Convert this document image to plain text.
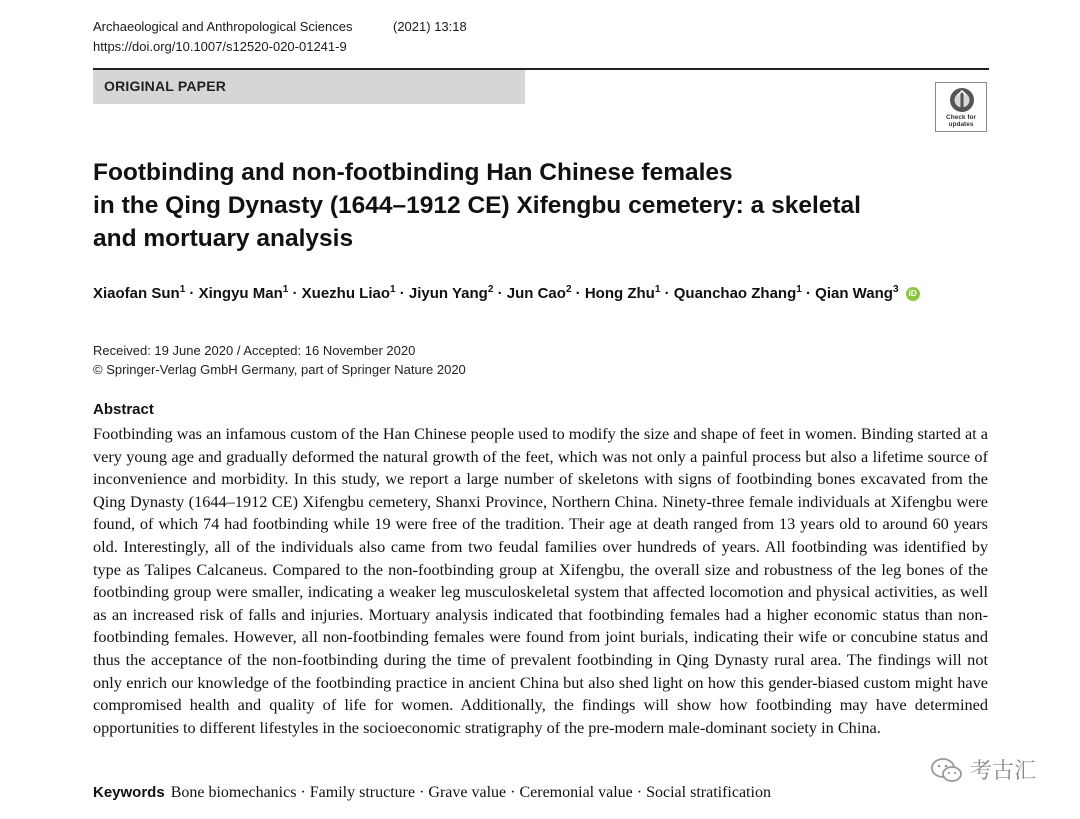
Archaeological and Anthropological Sciences	(2021) 13:18
https://doi.org/10.1007/s12520-020-01241-9
ORIGINAL PAPER
Check for updates
Footbinding and non-footbinding Han Chinese females
in the Qing Dynasty (1644–1912 CE) Xifengbu cemetery: a skeletal
and mortuary analysis
Xiaofan Sun$^1$ · Xingyu Man$^1$ · Xuezhu Liao$^1$ · Jiyun Yang$^2$ · Jun Cao$^2$ · Hong Zhu$^1$ · Quanchao Zhang$^1$ · Qian Wang$^3$ iD
Received: 19 June 2020 / Accepted: 16 November 2020
© Springer-Verlag GmbH Germany, part of Springer Nature 2020
Abstract
Footbinding was an infamous custom of the Han Chinese people used to modify the size and shape of feet in women. Binding started at a very young age and gradually deformed the natural growth of the feet, which was not only a painful process but also a lifetime source of inconvenience and morbidity. In this study, we report a large number of skeletons with signs of footbinding bones excavated from the Qing Dynasty (1644–1912 CE) Xifengbu cemetery, Shanxi Province, Northern China. Ninety-three female individuals at Xifengbu were found, of which 74 had footbinding while 19 were free of the tradition. Their age at death ranged from 13 years old to around 60 years old. Interestingly, all of the individuals also came from two feudal families over hundreds of years. All footbinding was identified by type as Talipes Calcaneus. Compared to the non-footbinding group at Xifengbu, the overall size and robustness of the leg bones of the footbinding group were smaller, indicating a weaker leg musculoskeletal system that affected locomotion and physical activities, as well as an increased risk of falls and injuries. Mortuary analysis indicated that footbinding females had a higher economic status than non-footbinding females. However, all non-footbinding females were found from joint burials, indicating their wife or concubine status and thus the acceptance of the non-footbinding during the time of prevalent footbinding in Qing Dynasty rural area. The findings will not only enrich our knowledge of the footbinding practice in ancient China but also shed light on how this gender-biased custom might have compromised health and quality of life for women. Additionally, the findings will show how footbinding may have determined opportunities to different lifestyles in the socioeconomic stratigraphy of the pre-modern male-dominant society in China.
Keywords Bone biomechanics · Family structure · Grave value · Ceremonial value · Social stratification
考古汇
